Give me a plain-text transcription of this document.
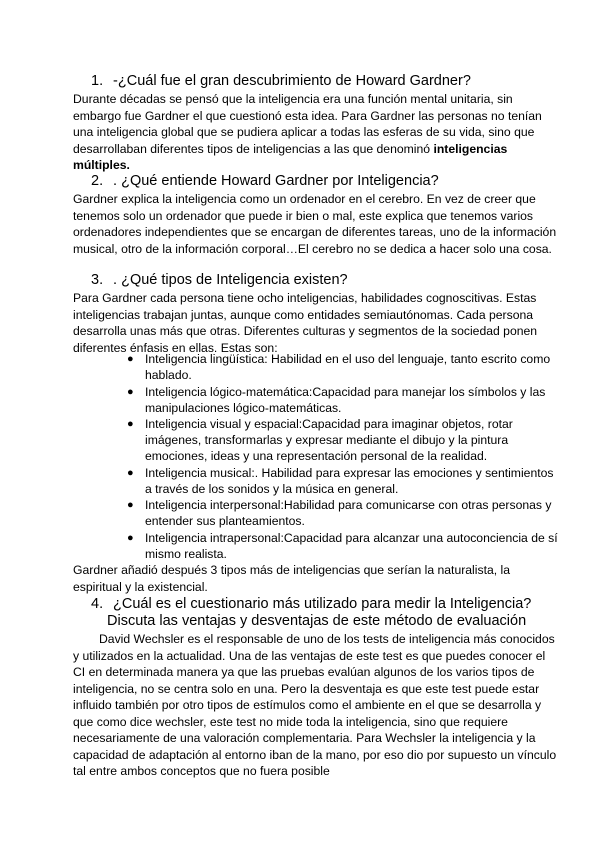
1. -¿Cuál fue el gran descubrimiento de Howard Gardner?
Durante décadas se pensó que la inteligencia era una función mental unitaria, sin embargo fue Gardner el que cuestionó esta idea. Para Gardner las personas no tenían una inteligencia global que se pudiera aplicar a todas las esferas de su vida, sino que desarrollaban diferentes tipos de inteligencias a las que denominó inteligencias múltiples.
2. . ¿Qué entiende Howard Gardner por Inteligencia?
Gardner explica la inteligencia como un ordenador en el cerebro. En vez de creer que tenemos solo un ordenador que puede ir bien o mal, este explica que tenemos varios ordenadores independientes que se encargan de diferentes tareas, uno de la información musical, otro de la información corporal…El cerebro no se dedica a hacer solo una cosa.
3. . ¿Qué tipos de Inteligencia existen?
Para Gardner cada persona tiene ocho inteligencias, habilidades cognoscitivas. Estas inteligencias trabajan juntas, aunque como entidades semiautónomas. Cada persona desarrolla unas más que otras. Diferentes culturas y segmentos de la sociedad ponen diferentes énfasis en ellas. Estas son:
● Inteligencia lingüística: Habilidad en el uso del lenguaje, tanto escrito como hablado.
● Inteligencia lógico-matemática:Capacidad para manejar los símbolos y las manipulaciones lógico-matemáticas.
● Inteligencia visual y espacial:Capacidad para imaginar objetos, rotar imágenes, transformarlas y expresar mediante el dibujo y la pintura emociones, ideas y una representación personal de la realidad.
● Inteligencia musical:. Habilidad para expresar las emociones y sentimientos a través de los sonidos y la música en general.
● Inteligencia interpersonal:Habilidad para comunicarse con otras personas y entender sus planteamientos.
● Inteligencia intrapersonal:Capacidad para alcanzar una autoconciencia de sí mismo realista.
Gardner añadió después 3 tipos más de inteligencias que serían la naturalista, la espiritual y la existencial.
4. ¿Cuál es el cuestionario más utilizado para medir la Inteligencia?
Discuta las ventajas y desventajas de este método de evaluación
David Wechsler es el responsable de uno de los tests de inteligencia más conocidos y utilizados en la actualidad. Una de las ventajas de este test es que puedes conocer el CI en determinada manera ya que las pruebas evalúan algunos de los varios tipos de inteligencia, no se centra solo en una. Pero la desventaja es que este test puede estar influido también por otro tipos de estímulos como el ambiente en el que se desarrolla y que como dice wechsler, este test no mide toda la inteligencia, sino que requiere necesariamente de una valoración complementaria. Para Wechsler la inteligencia y la capacidad de adaptación al entorno iban de la mano, por eso dio por supuesto un vínculo tal entre ambos conceptos que no fuera posible
